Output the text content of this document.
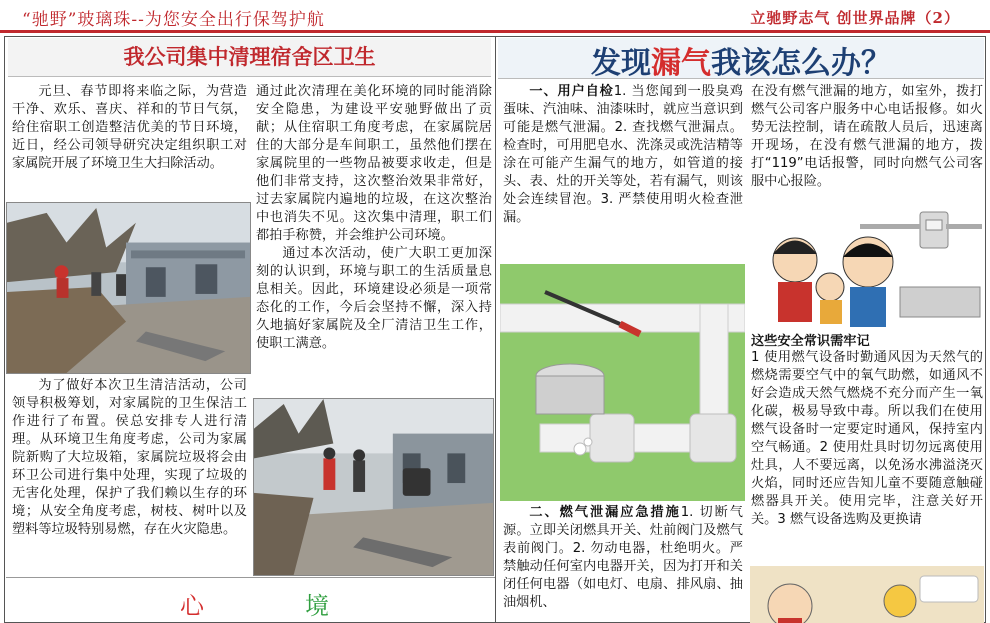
“驰野”玻璃珠--为您安全出行保驾护航	立驰野志气 创世界品牌（2）
我公司集中清理宿舍区卫生
元旦、春节即将来临之际，为营造干净、欢乐、喜庆、祥和的节日气氛，给住宿职工创造整洁优美的节日环境，近日，经公司领导研究决定组织职工对家属院开展了环境卫生大扫除活动。
通过此次清理在美化环境的同时能消除安全隐患，为建设平安驰野做出了贡献；从住宿职工角度考虑，在家属院居住的大部分是车间职工，虽然他们摆在家属院里的一些物品被要求收走，但是他们非常支持，这次整治效果非常好，过去家属院内遍地的垃圾，在这次整治中也消失不见。这次集中清理，职工们都拍手称赞，并会维护公司环境。
通过本次活动，使广大职工更加深刻的认识到，环境与职工的生活质量息息相关。因此，环境建设必须是一项常态化的工作，今后会坚持不懈，深入持久地搞好家属院及全厂清洁卫生工作，使职工满意。
为了做好本次卫生清洁活动，公司领导积极筹划，对家属院的卫生保洁工作进行了布置。侯总安排专人进行清理。从环境卫生角度考虑，公司为家属院新购了大垃圾箱，家属院垃圾将会由环卫公司进行集中处理，实现了垃圾的无害化处理，保护了我们赖以生存的环境；从安全角度考虑，树枝、树叶以及塑料等垃圾特别易燃，存在火灾隐患。
心	境
发现漏气我该怎么办？
一、用户自检1. 当您闻到一股臭鸡蛋味、汽油味、油漆味时，就应当意识到可能是燃气泄漏。2. 查找燃气泄漏点。检查时，可用肥皂水、洗涤灵或洗洁精等涂在可能产生漏气的地方，如管道的接头、表、灶的开关等处，若有漏气，则该处会连续冒泡。3. 严禁使用明火检查泄漏。
二、燃气泄漏应急措施1. 切断气源。立即关闭燃具开关、灶前阀门及燃气表前阀门。2. 勿动电器，杜绝明火。严禁触动任何室内电器开关，因为打开和关闭任何电器（如电灯、电扇、排风扇、抽油烟机、
在没有燃气泄漏的地方，如室外，拨打燃气公司客户服务中心电话报修。如火势无法控制，请在疏散人员后，迅速离开现场，在没有燃气泄漏的地方，拨打“119”电话报警，同时向燃气公司客服中心报险。
这些安全常识需牢记
1 使用燃气设备时勤通风因为天然气的燃烧需要空气中的氧气助燃，如通风不好会造成天然气燃烧不充分而产生一氧化碳，极易导致中毒。所以我们在使用燃气设备时一定要定时通风，保持室内空气畅通。2 使用灶具时切勿远离使用灶具，人不要远离，以免汤水沸溢浇灭火焰，同时还应告知儿童不要随意触碰燃器具开关。使用完毕，注意关好开关。3 燃气设备选购及更换请
